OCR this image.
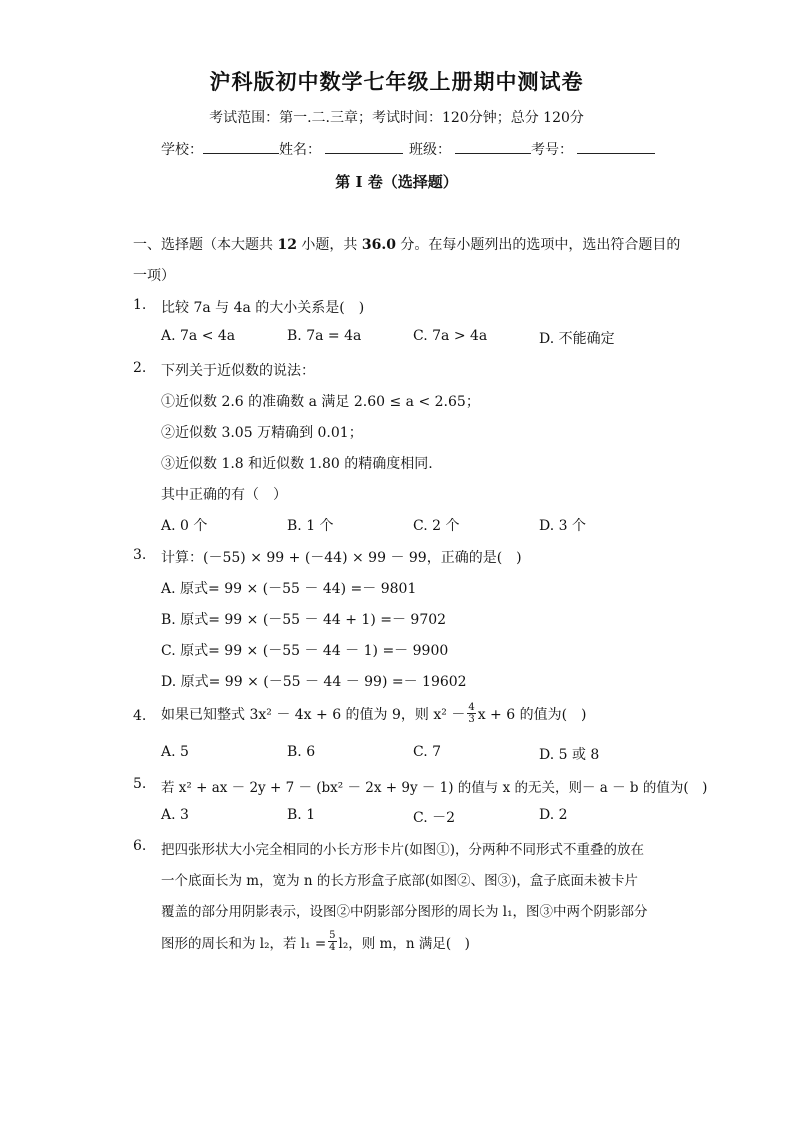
沪科版初中数学七年级上册期中测试卷
考试范围：第一.二.三章；考试时间：120分钟；总分 120分
学校：	姓名：	班级：	考号：
第 I 卷（选择题）
一、选择题（本大题共 12 小题，共 36.0 分。在每小题列出的选项中，选出符合题目的
一项）
1. 比较 7a 与 4a 的大小关系是(　)
A. 7a < 4a	B. 7a = 4a	C. 7a > 4a	D. 不能确定
2. 下列关于近似数的说法：
①近似数 2.6 的准确数 a 满足 2.60 ≤ a < 2.65；
②近似数 3.05 万精确到 0.01；
③近似数 1.8 和近似数 1.80 的精确度相同.
其中正确的有（　）
A. 0 个	B. 1 个	C. 2 个	D. 3 个
3. 计算：(－55) × 99 + (－44) × 99 － 99，正确的是(　)
A. 原式= 99 × (－55 － 44) =－ 9801
B. 原式= 99 × (－55 － 44 + 1) =－ 9702
C. 原式= 99 × (－55 － 44 － 1) =－ 9900
D. 原式= 99 × (－55 － 44 － 99) =－ 19602
4. 如果已知整式 3x² － 4x + 6 的值为 9，则 $x^2 - \frac{4}{3}$ x + 6 的值为(　)
A. 5	B. 6	C. 7	D. 5 或 8
5. 若 x² + ax － 2y + 7 － (bx² － 2x + 9y － 1) 的值与 x 的无关，则－ a － b 的值为(　)
A. 3	B. 1	C. －2	D. 2
6. 把四张形状大小完全相同的小长方形卡片(如图①)，分两种不同形式不重叠的放在
一个底面长为 m，宽为 n 的长方形盒子底部(如图②、图③)，盒子底面未被卡片
覆盖的部分用阴影表示，设图②中阴影部分图形的周长为 l₁，图③中两个阴影部分
图形的周长和为 l₂，若 $l_1 = \frac{5}{4} l_2$，则 m，n 满足(　)
